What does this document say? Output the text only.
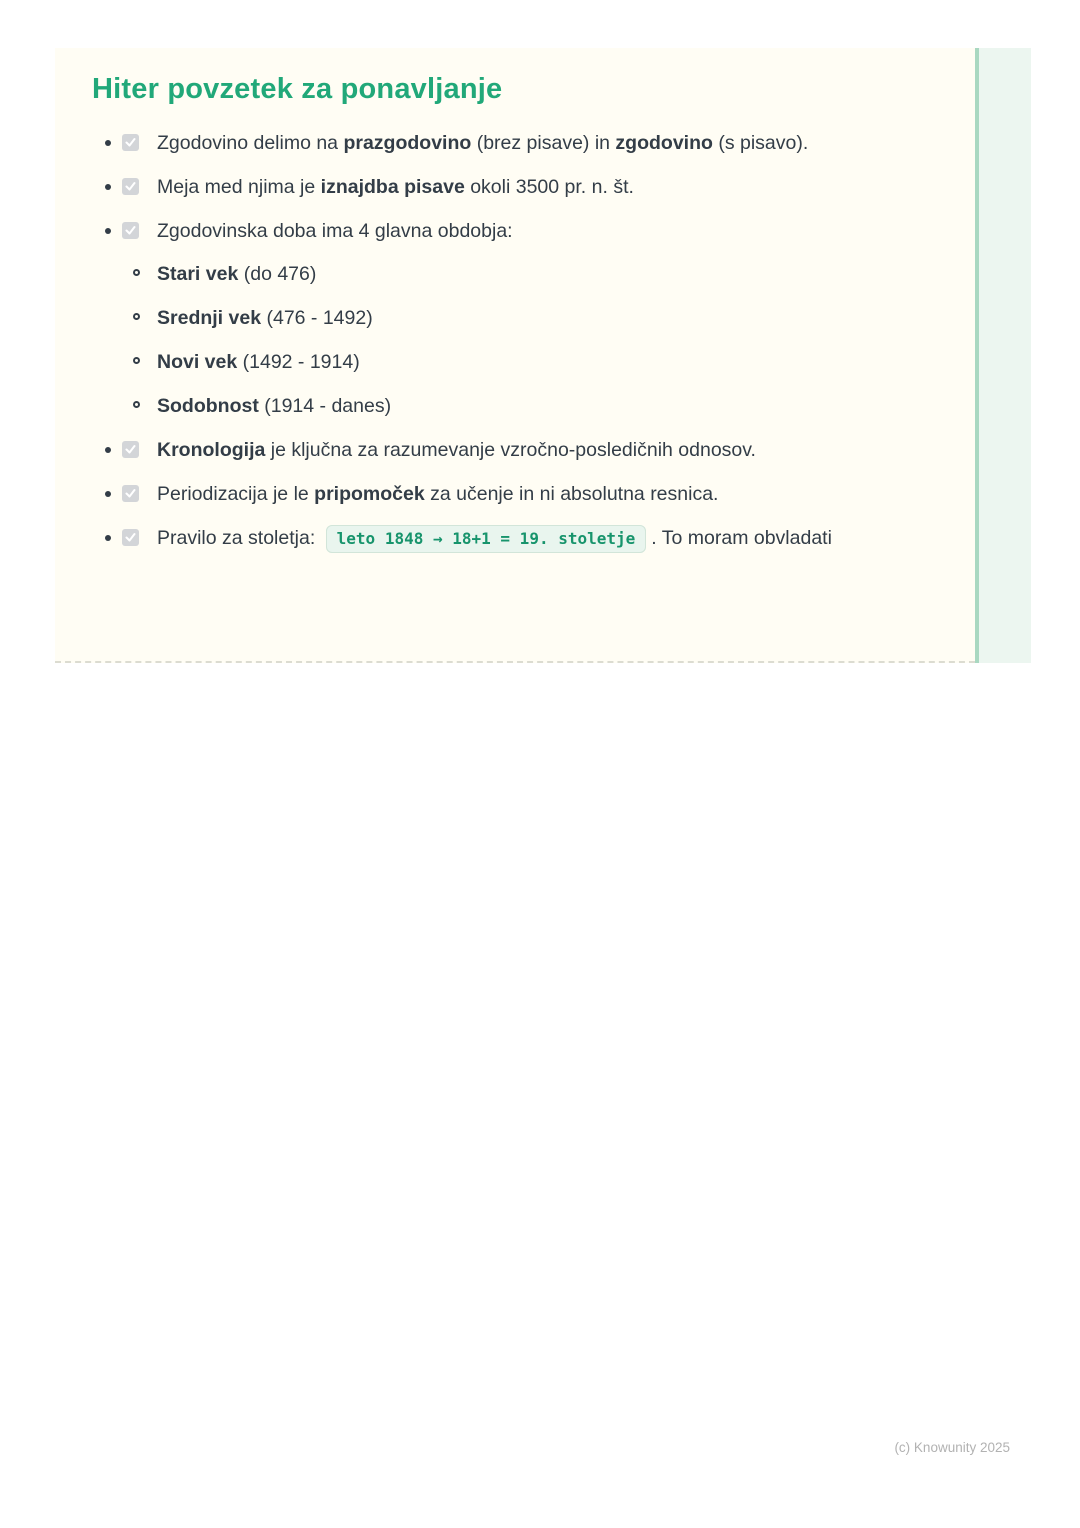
Hiter povzetek za ponavljanje
Zgodovino delimo na prazgodovino (brez pisave) in zgodovino (s pisavo).
Meja med njima je iznajdba pisave okoli 3500 pr. n. št.
Zgodovinska doba ima 4 glavna obdobja:
Stari vek (do 476)
Srednji vek (476 - 1492)
Novi vek (1492 - 1914)
Sodobnost (1914 - danes)
Kronologija je ključna za razumevanje vzročno-posledičnih odnosov.
Periodizacija je le pripomoček za učenje in ni absolutna resnica.
Pravilo za stoletja: leto 1848 → 18+1 = 19. stoletje . To moram obvladati
(c) Knowunity 2025
